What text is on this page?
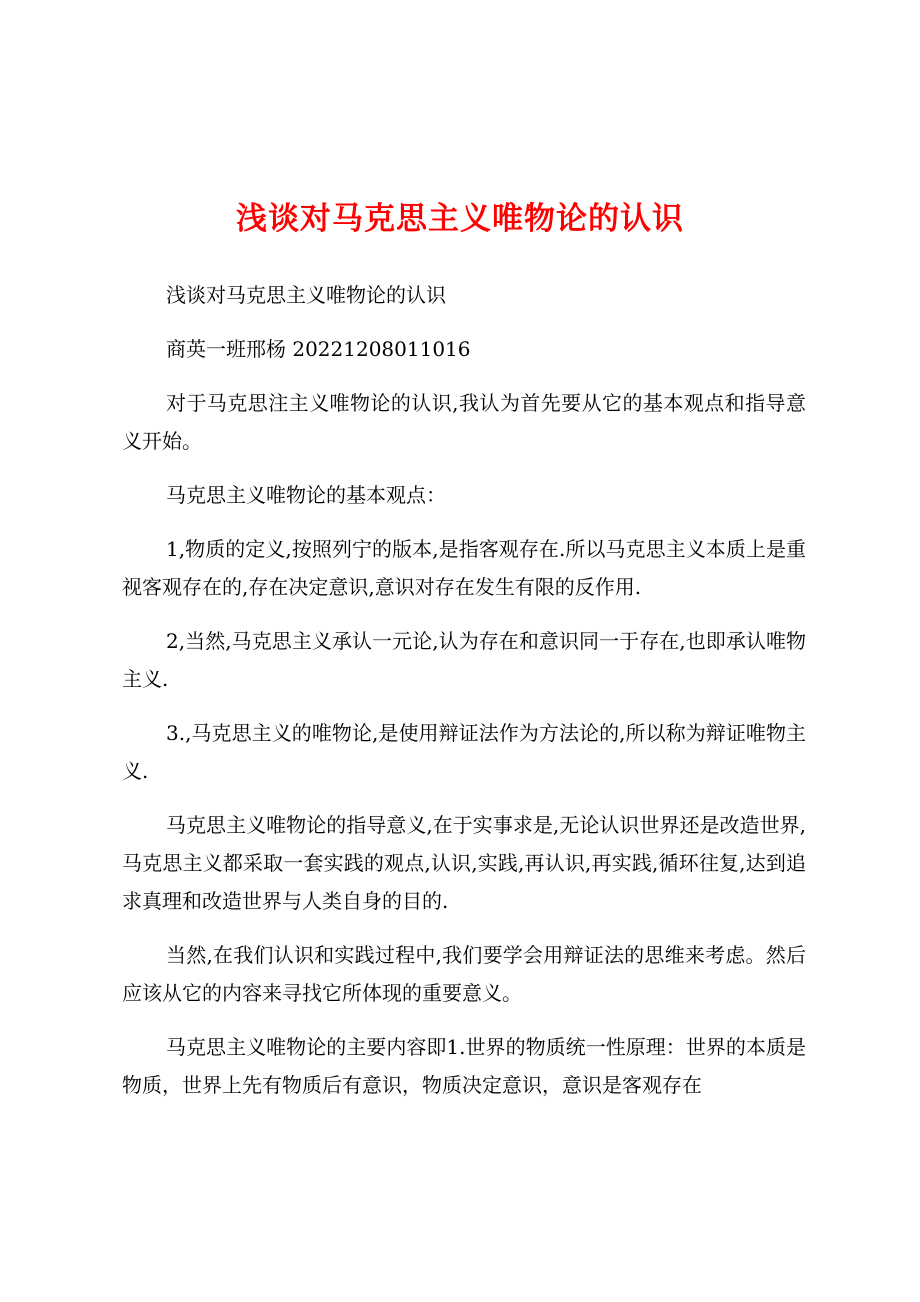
浅谈对马克思主义唯物论的认识

浅谈对马克思主义唯物论的认识

商英一班邢杨 20221208011016

对于马克思注主义唯物论的认识,我认为首先要从它的基本观点和指导意义开始。

马克思主义唯物论的基本观点：

1,物质的定义,按照列宁的版本,是指客观存在.所以马克思主义本质上是重视客观存在的,存在决定意识,意识对存在发生有限的反作用.

2,当然,马克思主义承认一元论,认为存在和意识同一于存在,也即承认唯物主义.

3.,马克思主义的唯物论,是使用辩证法作为方法论的,所以称为辩证唯物主义.

马克思主义唯物论的指导意义,在于实事求是,无论认识世界还是改造世界,马克思主义都采取一套实践的观点,认识,实践,再认识,再实践,循环往复,达到追求真理和改造世界与人类自身的目的.

当然,在我们认识和实践过程中,我们要学会用辩证法的思维来考虑。然后应该从它的内容来寻找它所体现的重要意义。

马克思主义唯物论的主要内容即1.世界的物质统一性原理：世界的本质是物质，世界上先有物质后有意识，物质决定意识，意识是客观存在
